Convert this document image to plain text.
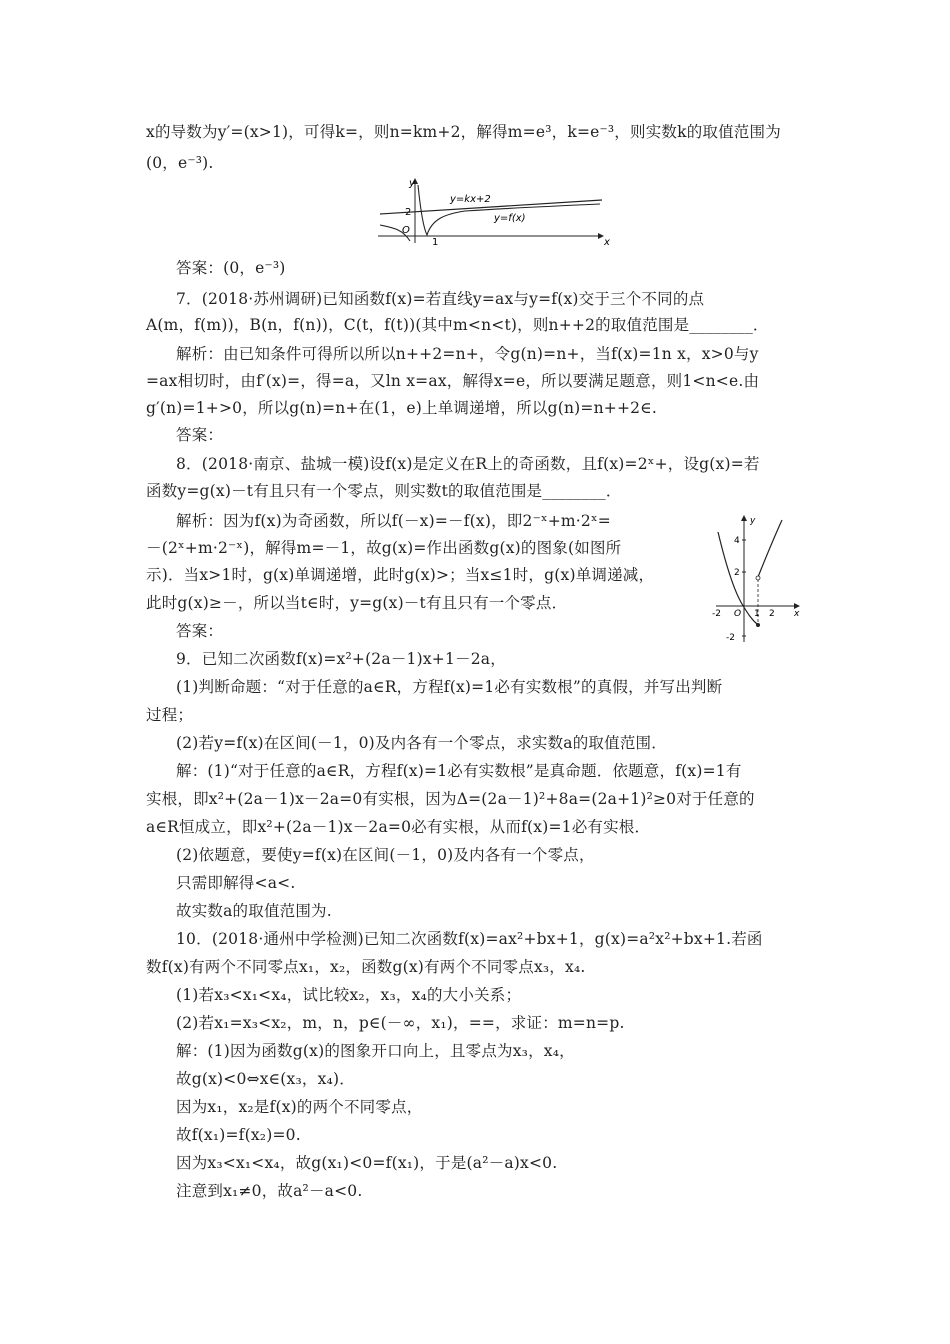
x的导数为y′=(x>1)，可得k=，则n=km+2，解得m=e³，k=e⁻³，则实数k的取值范围为
(0，e⁻³).
y
x
O
2
1
y=kx+2
y=f(x)
答案：(0，e⁻³)
7．(2018·苏州调研)已知函数f(x)=若直线y=ax与y=f(x)交于三个不同的点
A(m，f(m))，B(n，f(n))，C(t，f(t))(其中m<n<t)，则n++2的取值范围是________．
解析：由已知条件可得所以所以n++2=n+，令g(n)=n+，当f(x)=1n x，x>0与y
=ax相切时，由f′(x)=，得=a，又ln x=ax，解得x=e，所以要满足题意，则1<n<e.由
g′(n)=1+>0，所以g(n)=n+在(1，e)上单调递增，所以g(n)=n++2∈.
答案：
8．(2018·南京、盐城一模)设f(x)是定义在R上的奇函数，且f(x)=2ˣ+，设g(x)=若
函数y=g(x)－t有且只有一个零点，则实数t的取值范围是________．
解析：因为f(x)为奇函数，所以f(－x)=－f(x)，即2⁻ˣ+m·2ˣ=
－(2ˣ+m·2⁻ˣ)，解得m=－1，故g(x)=作出函数g(x)的图象(如图所
示)．当x>1时，g(x)单调递增，此时g(x)>；当x≤1时，g(x)单调递减，
此时g(x)≥－，所以当t∈时，y=g(x)－t有且只有一个零点．
答案：
y
x
O
4
2
-2
-2	1 2
9．已知二次函数f(x)=x²+(2a－1)x+1－2a，
(1)判断命题：“对于任意的a∈R，方程f(x)=1必有实数根”的真假，并写出判断
过程；
(2)若y=f(x)在区间(－1，0)及内各有一个零点，求实数a的取值范围．
解：(1)“对于任意的a∈R，方程f(x)=1必有实数根”是真命题．依题意，f(x)=1有
实根，即x²+(2a－1)x－2a=0有实根，因为Δ=(2a－1)²+8a=(2a+1)²≥0对于任意的
a∈R恒成立，即x²+(2a－1)x－2a=0必有实根，从而f(x)=1必有实根．
(2)依题意，要使y=f(x)在区间(－1，0)及内各有一个零点，
只需即解得<a<.
故实数a的取值范围为.
10．(2018·通州中学检测)已知二次函数f(x)=ax²+bx+1，g(x)=a²x²+bx+1.若函
数f(x)有两个不同零点x₁，x₂，函数g(x)有两个不同零点x₃，x₄.
(1)若x₃<x₁<x₄，试比较x₂，x₃，x₄的大小关系；
(2)若x₁=x₃<x₂，m，n，p∈(－∞，x₁)，==，求证：m=n=p.
解：(1)因为函数g(x)的图象开口向上，且零点为x₃，x₄，
故g(x)<0⇔x∈(x₃，x₄)．
因为x₁，x₂是f(x)的两个不同零点，
故f(x₁)=f(x₂)=0.
因为x₃<x₁<x₄，故g(x₁)<0=f(x₁)，于是(a²－a)x<0.
注意到x₁≠0，故a²－a<0.
